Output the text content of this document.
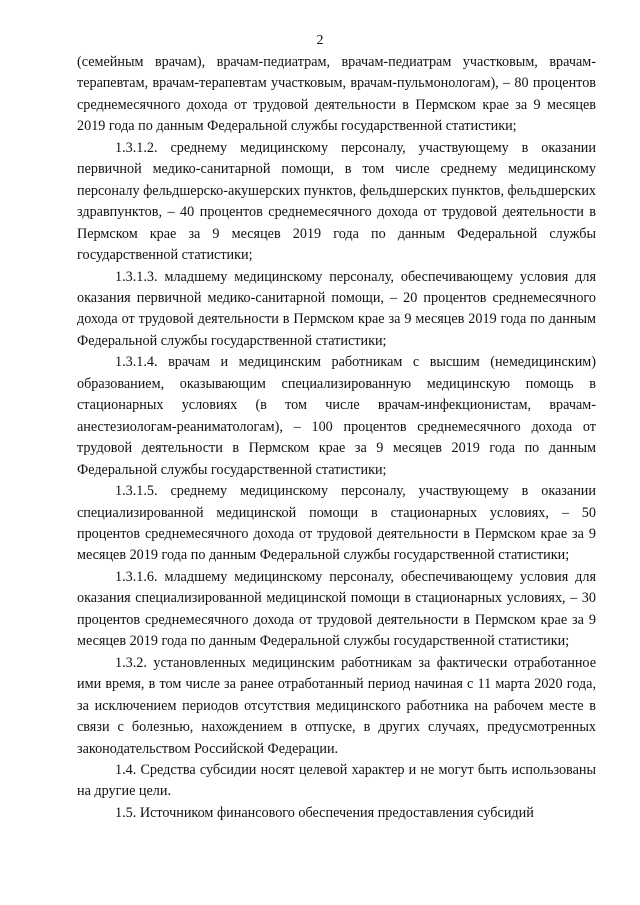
2

(семейным врачам), врачам-педиатрам, врачам-педиатрам участковым, врачам-терапевтам, врачам-терапевтам участковым, врачам-пульмонологам), – 80 процентов среднемесячного дохода от трудовой деятельности в Пермском крае за 9 месяцев 2019 года по данным Федеральной службы государственной статистики;

1.3.1.2. среднему медицинскому персоналу, участвующему в оказании первичной медико-санитарной помощи, в том числе среднему медицинскому персоналу фельдшерско-акушерских пунктов, фельдшерских пунктов, фельдшерских здравпунктов, – 40 процентов среднемесячного дохода от трудовой деятельности в Пермском крае за 9 месяцев 2019 года по данным Федеральной службы государственной статистики;

1.3.1.3. младшему медицинскому персоналу, обеспечивающему условия для оказания первичной медико-санитарной помощи, – 20 процентов среднемесячного дохода от трудовой деятельности в Пермском крае за 9 месяцев 2019 года по данным Федеральной службы государственной статистики;

1.3.1.4. врачам и медицинским работникам с высшим (немедицинским) образованием, оказывающим специализированную медицинскую помощь в стационарных условиях (в том числе врачам-инфекционистам, врачам-анестезиологам-реаниматологам), – 100 процентов среднемесячного дохода от трудовой деятельности в Пермском крае за 9 месяцев 2019 года по данным Федеральной службы государственной статистики;

1.3.1.5. среднему медицинскому персоналу, участвующему в оказании специализированной медицинской помощи в стационарных условиях, – 50 процентов среднемесячного дохода от трудовой деятельности в Пермском крае за 9 месяцев 2019 года по данным Федеральной службы государственной статистики;

1.3.1.6. младшему медицинскому персоналу, обеспечивающему условия для оказания специализированной медицинской помощи в стационарных условиях, – 30 процентов среднемесячного дохода от трудовой деятельности в Пермском крае за 9 месяцев 2019 года по данным Федеральной службы государственной статистики;

1.3.2. установленных медицинским работникам за фактически отработанное ими время, в том числе за ранее отработанный период начиная с 11 марта 2020 года, за исключением периодов отсутствия медицинского работника на рабочем месте в связи с болезнью, нахождением в отпуске, в других случаях, предусмотренных законодательством Российской Федерации.

1.4. Средства субсидии носят целевой характер и не могут быть использованы на другие цели.

1.5. Источником финансового обеспечения предоставления субсидий
